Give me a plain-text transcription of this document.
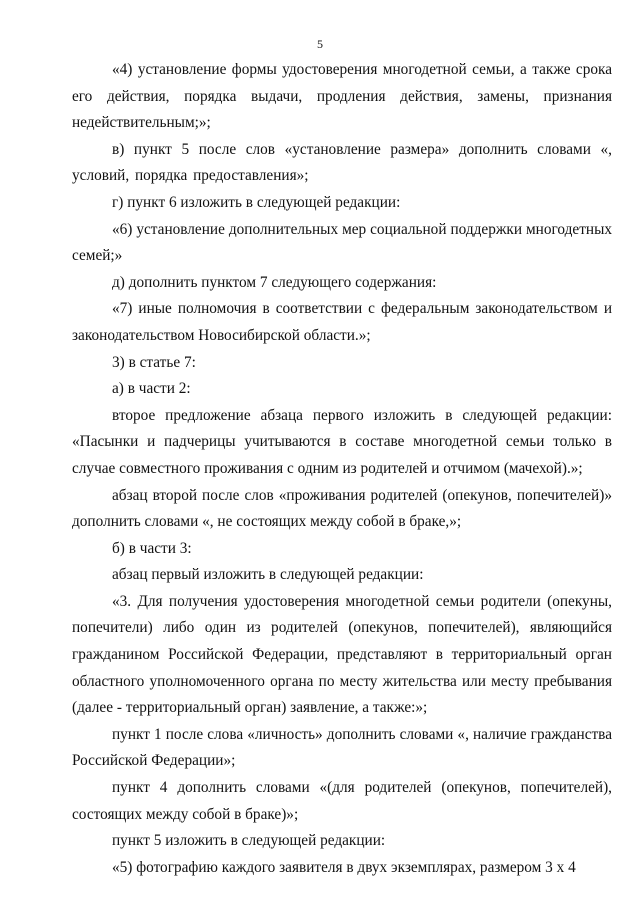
5

«4) установление формы удостоверения многодетной семьи, а также срока его действия, порядка выдачи, продления действия, замены, признания недействительным;»;

в) пункт 5 после слов «установление размера» дополнить словами «, условий, порядка предоставления»;

г) пункт 6 изложить в следующей редакции:

«6) установление дополнительных мер социальной поддержки многодетных семей;»

д) дополнить пунктом 7 следующего содержания:

«7) иные полномочия в соответствии с федеральным законодательством и законодательством Новосибирской области.»;

3) в статье 7:

а) в части 2:

второе предложение абзаца первого изложить в следующей редакции: «Пасынки и падчерицы учитываются в составе многодетной семьи только в случае совместного проживания с одним из родителей и отчимом (мачехой).»;

абзац второй после слов «проживания родителей (опекунов, попечителей)» дополнить словами «, не состоящих между собой в браке,»;

б) в части 3:

абзац первый изложить в следующей редакции:

«3. Для получения удостоверения многодетной семьи родители (опекуны, попечители) либо один из родителей (опекунов, попечителей), являющийся гражданином Российской Федерации, представляют в территориальный орган областного уполномоченного органа по месту жительства или месту пребывания (далее - территориальный орган) заявление, а также:»;

пункт 1 после слова «личность» дополнить словами «, наличие гражданства Российской Федерации»;

пункт 4 дополнить словами «(для родителей (опекунов, попечителей), состоящих между собой в браке)»;

пункт 5 изложить в следующей редакции:

«5) фотографию каждого заявителя в двух экземплярах, размером 3 х 4
